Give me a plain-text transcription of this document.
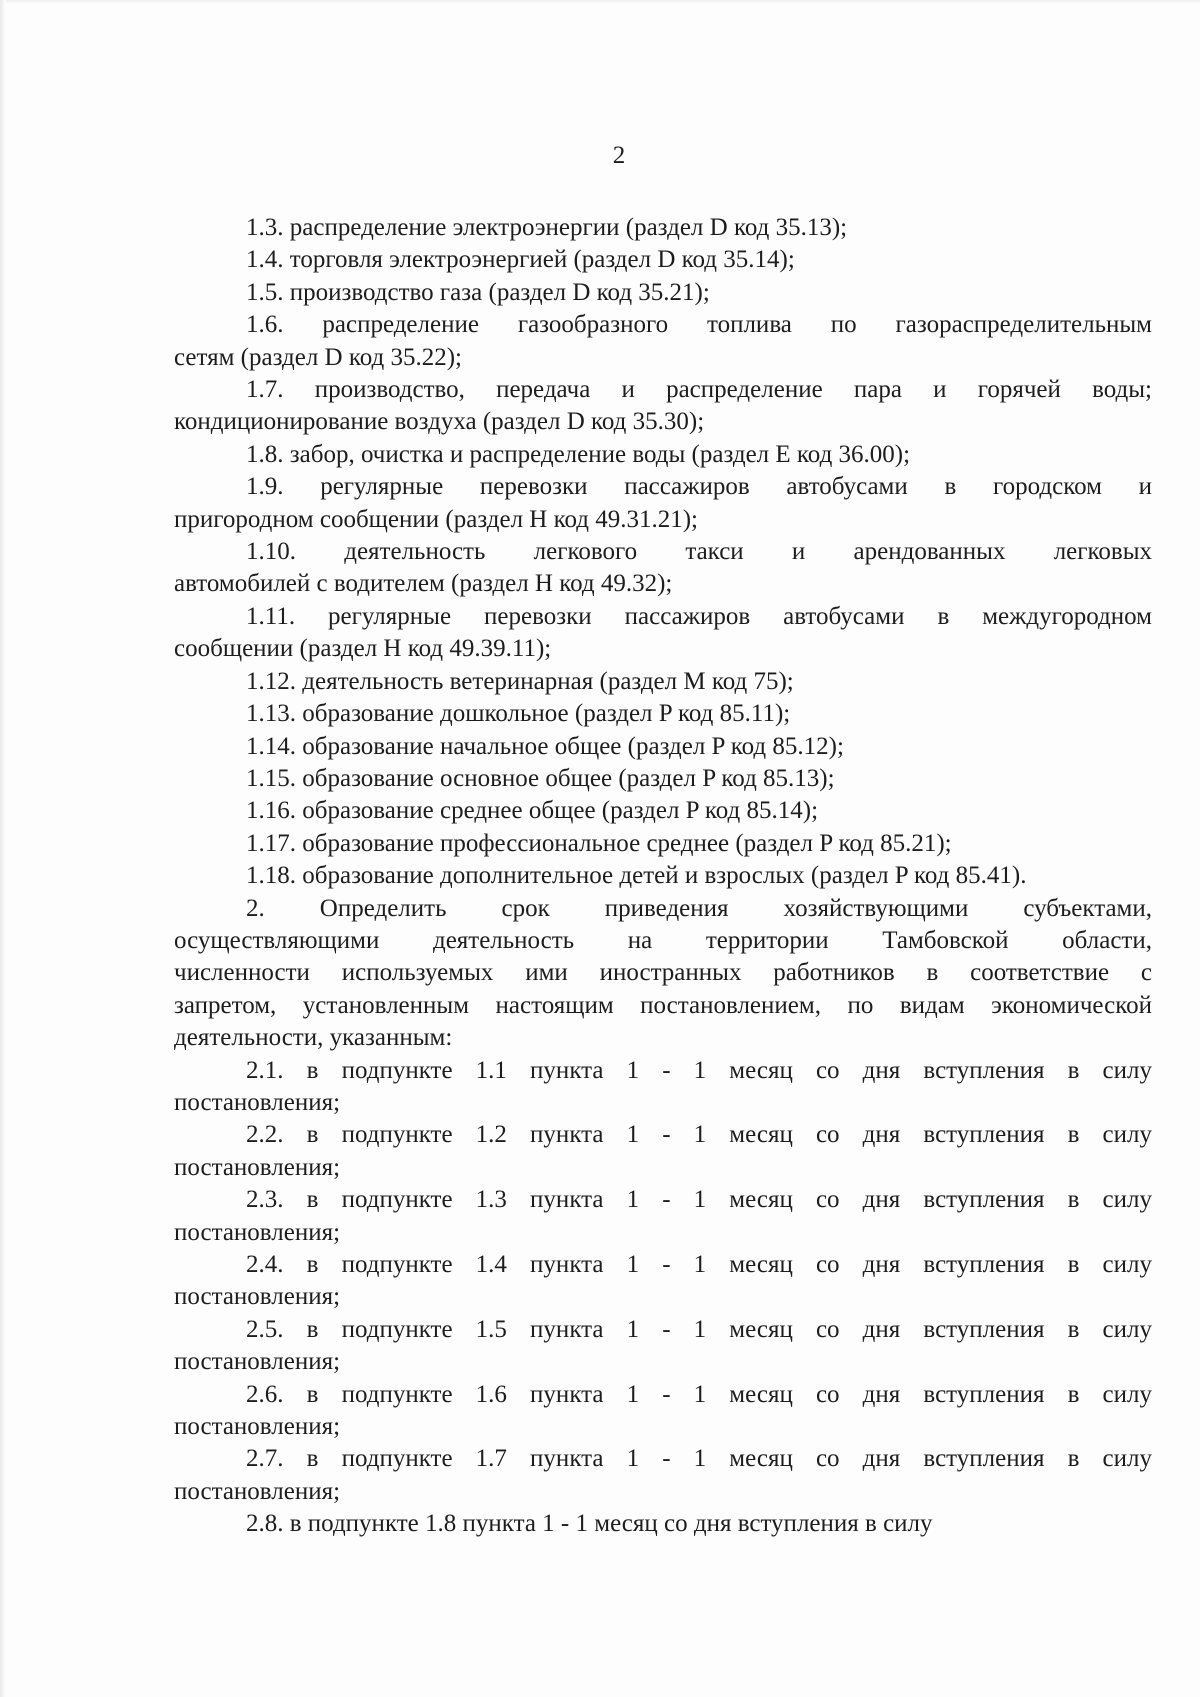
2
1.3. распределение электроэнергии (раздел D код 35.13);
1.4. торговля электроэнергией (раздел D код 35.14);
1.5. производство газа (раздел D код 35.21);
1.6. распределение газообразного топлива по газораспределительным
сетям (раздел D код 35.22);
1.7. производство, передача и распределение пара и горячей воды;
кондиционирование воздуха (раздел D код 35.30);
1.8. забор, очистка и распределение воды (раздел E код 36.00);
1.9. регулярные перевозки пассажиров автобусами в городском и
пригородном сообщении (раздел H код 49.31.21);
1.10. деятельность легкового такси и арендованных легковых
автомобилей с водителем (раздел H код 49.32);
1.11. регулярные перевозки пассажиров автобусами в междугородном
сообщении (раздел H код 49.39.11);
1.12. деятельность ветеринарная (раздел M код 75);
1.13. образование дошкольное (раздел P код 85.11);
1.14. образование начальное общее (раздел P код 85.12);
1.15. образование основное общее (раздел P код 85.13);
1.16. образование среднее общее (раздел P код 85.14);
1.17. образование профессиональное среднее (раздел P код 85.21);
1.18. образование дополнительное детей и взрослых (раздел P код 85.41).
2. Определить срок приведения хозяйствующими субъектами,
осуществляющими деятельность на территории Тамбовской области,
численности используемых ими иностранных работников в соответствие с
запретом, установленным настоящим постановлением, по видам экономической
деятельности, указанным:
2.1. в подпункте 1.1 пункта 1 - 1 месяц со дня вступления в силу
постановления;
2.2. в подпункте 1.2 пункта 1 - 1 месяц со дня вступления в силу
постановления;
2.3. в подпункте 1.3 пункта 1 - 1 месяц со дня вступления в силу
постановления;
2.4. в подпункте 1.4 пункта 1 - 1 месяц со дня вступления в силу
постановления;
2.5. в подпункте 1.5 пункта 1 - 1 месяц со дня вступления в силу
постановления;
2.6. в подпункте 1.6 пункта 1 - 1 месяц со дня вступления в силу
постановления;
2.7. в подпункте 1.7 пункта 1 - 1 месяц со дня вступления в силу
постановления;
2.8. в подпункте 1.8 пункта 1 - 1 месяц со дня вступления в силу
